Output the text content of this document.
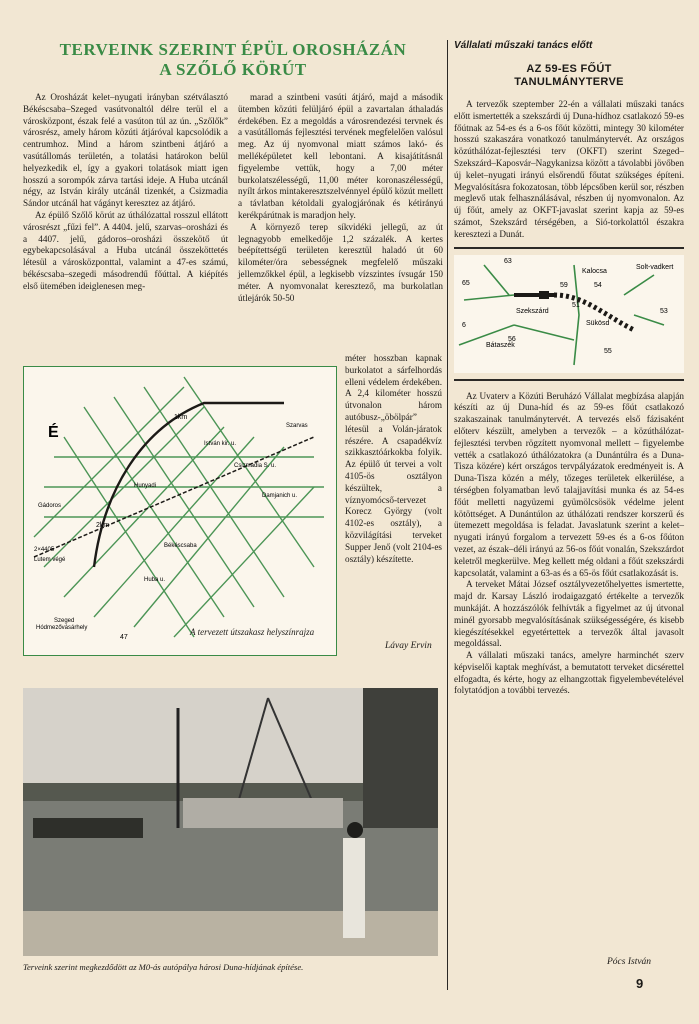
TERVEINK SZERINT ÉPÜL OROSHÁZÁN
A SZŐLŐ KÖRÚT

Az Orosházát kelet–nyugati irányban szétválasztó Békéscsaba–Szeged vasútvonaltól délre terül el a városközpont, észak felé a vasúton túl az ún. „Szőlők” városrész, amely három közúti átjáróval kapcsolódik a centrumhoz. Mind a három szintbeni átjáró a vasútállomás területén, a tolatási határokon belül helyezkedik el, így a gyakori tolatások miatt igen hosszú a sorompók zárva tartási ideje. A Huba utcánál négy, az István király utcánál tizenkét, a Csizmadia Sándor utcánál hat vágányt keresztez az átjáró.

Az épülő Szőlő körút az úthálózattal rosszul ellátott városrészt „fűzi fel”. A 4404. jelű, szarvas–orosházi és a 4407. jelű, gádoros–orosházi összekötő út egybekapcsolásával a Huba utcánál összeköttetés létesül a városközponttal, valamint a 47-es számú, békéscsaba–szegedi másodrendű főúttal. A kiépítés első ütemében ideiglenesen meg-

marad a szintbeni vasúti átjáró, majd a második ütemben közúti felüljáró épül a zavartalan áthaladás érdekében. Ez a megoldás a városrendezési tervnek és a vasútállomás fejlesztési tervének megfelelően valósul meg. Az új nyomvonal miatt számos lakó- és melléképületet kell lebontani. A kisajátításnál figyelembe vettük, hogy a 7,00 méter burkolatszélességű, 11,00 méter koronaszélességű, nyílt árkos mintakeresztszelvénnyel épülő közút mellett a távlatban kétoldali gyalogjárónak és kétirányú kerékpárútnak is maradjon hely.

A környező terep síkvidéki jellegű, az út legnagyobb emelkedője 1,2 százalék. A kertes beépítettségű területen keresztül haladó út 60 kilométer/óra sebességnek megfelelő műszaki jellemzőkkel épül, a legkisebb vízszintes ívsugár 150 méter. A nyomvonalat keresztező, ma burkolatlan útlejárók 50-50

É
1km
2km
Lutem végé
2×4405
47
Szarvas
Gádoros
Szeged
Békéscsaba
Huba u.
István kir. u.
Csizmadia S. u.
Damjanich u.
Hunyadi
Hódmezővásárhely
méter hosszban kapnak burkolatot a sárfelhordás elleni védelem érdekében. A 2,4 kilométer hosszú útvonalon három autóbusz-„öbölpár” létesül a Volán-járatok részére. A csapadékvíz szikkasztóárkokba folyik. Az épülő út tervei a volt 4105-ös osztályon készültek, a víznyomócső-tervezet Korecz György (volt 4102-es osztály), a közvilágítási terveket Supper Jenő (volt 2104-es osztály) készítette.
A tervezett útszakasz helyszínrajza
Lávay Ervin
Terveink szerint megkezdődött az M0-ás autópálya hárosi Duna-hídjának építése.
Vállalati műszaki tanács előtt
AZ 59-ES FŐÚT
TANULMÁNYTERVE

A tervezők szeptember 22-én a vállalati műszaki tanács előtt ismertették a szekszárdi új Duna-hídhoz csatlakozó 59-es főútnak az 54-es és a 6-os főút közötti, mintegy 30 kilométer hosszú szakaszára vonatkozó tanulmánytervét. Az országos közúthálózat-fejlesztési terv (OKFT) szerint Szeged–Szekszárd–Kaposvár–Nagykanizsa között a távolabbi jövőben új kelet–nyugati irányú elsőrendű főutat szükséges építeni. Megvalósításra fokozatosan, több lépcsőben kerül sor, részben meglevő utak felhasználásával, részben új nyomvonalon. Az új főút, amely az OKFT-javaslat szerint kapja az 59-es számot, Szekszárd térségében, a Sió-torkolattól északra keresztezi a Dunát.

63
65
Kalocsa
Solt-vadkert
54
59
6
Szekszárd
51
53
Sükösd
56
Bátaszék
55

Az Uvaterv a Közúti Beruházó Vállalat megbízása alapján készíti az új Duna-híd és az 59-es főút csatlakozó szakaszainak tanulmánytervét. A tervezés első fázisaként előterv készült, amelyben a tervezők – a közúthálózat-fejlesztési tervben rögzített nyomvonal mellett – figyelembe vették a csatlakozó úthálózatokra (a Dunántúlra és a Duna-Tisza közére) kért országos tervpályázatok eredményeit is. A Duna-Tisza közén a mély, tőzeges területek elkerülése, a térségben folyamatban levő talajjavítási munka és az 54-es főút melletti nagyüzemi gyümölcsösök védelme jelent kötöttséget. A Dunántúlon az úthálózati rendszer korszerű és ütemezett megoldása is feladat. Javaslatunk szerint a kelet–nyugati irányú forgalom a tervezett 59-es és a 6-os főúton vezet, az észak–déli irányú az 56-os főút vonalán, Szekszárdot keletről megkerülve. Meg kellett még oldani a főút szekszárdi kapcsolatát, valamint a 63-as és a 65-ös főút csatlakozását is.

A terveket Mátai József osztályvezetőhelyettes ismertette, majd dr. Karsay László irodaigazgató értékelte a tervezők munkáját. A hozzászólók felhívták a figyelmet az új útvonal minél gyorsabb megvalósításának szükségességére, és kisebb kiegészítésekkel egyetértettek a tervezők által javasolt megoldással.

A vállalati műszaki tanács, amelyre harminchét szerv képviselői kaptak meghívást, a bemutatott terveket dicsérettel elfogadta, és kérte, hogy az elhangzottak figyelembevételével folytatódjon a további tervezés.

Pócs István
9
